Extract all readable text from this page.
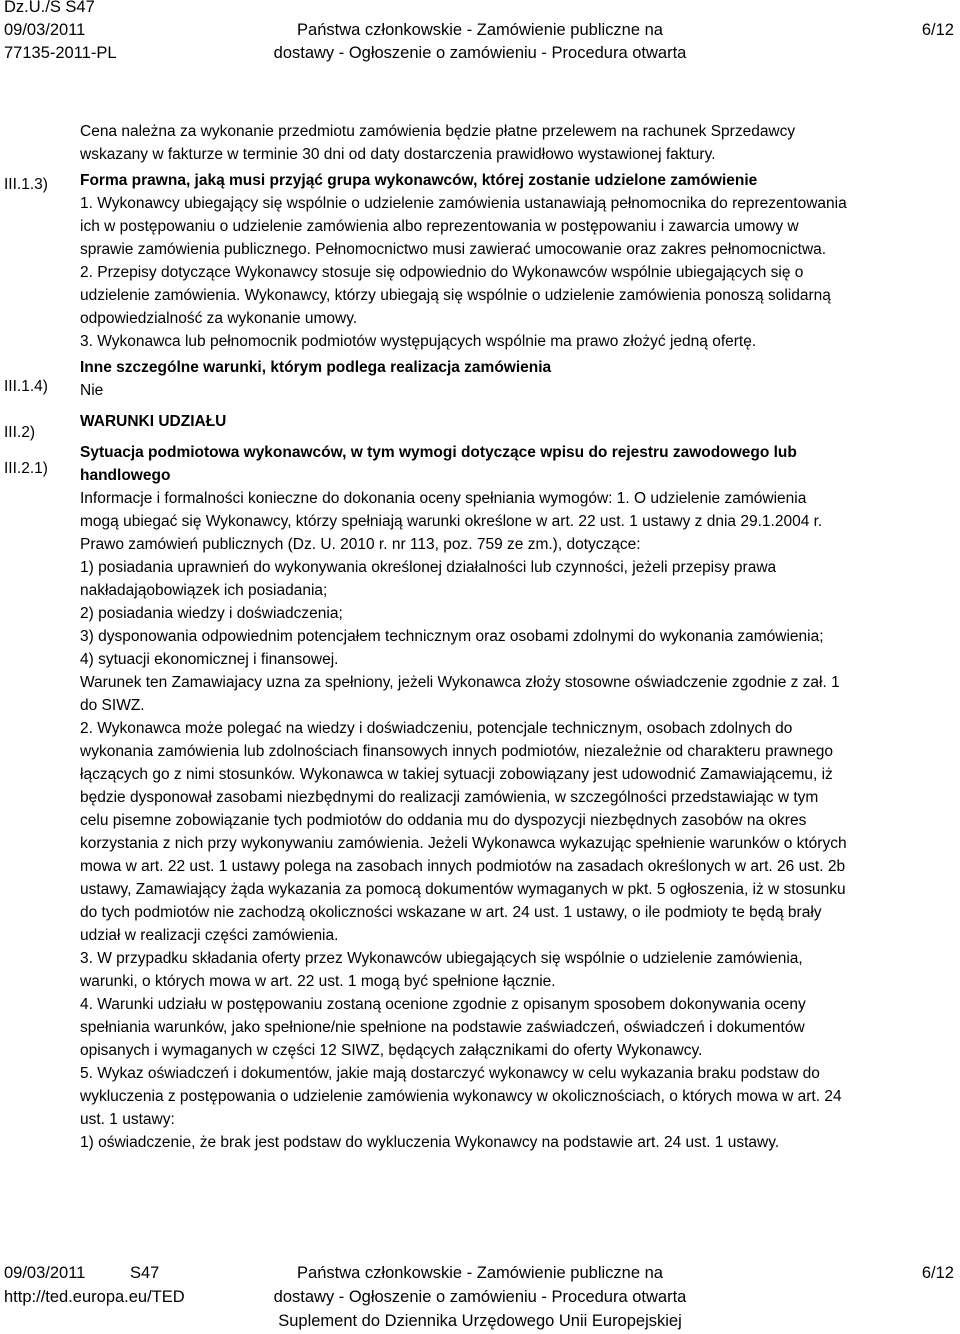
Dz.U./S S47
09/03/2011
77135-2011-PL
Państwa członkowskie - Zamówienie publiczne na
dostawy - Ogłoszenie o zamówieniu - Procedura otwarta
6/12
III.1.3)
III.1.4)
III.2)
III.2.1)

Cena należna za wykonanie przedmiotu zamówienia będzie płatne przelewem na rachunek Sprzedawcy

wskazany w fakturze w terminie 30 dni od daty dostarczenia prawidłowo wystawionej faktury.

Forma prawna, jaką musi przyjąć grupa wykonawców, której zostanie udzielone zamówienie

1. Wykonawcy ubiegający się wspólnie o udzielenie zamówienia ustanawiają pełnomocnika do reprezentowania

ich w postępowaniu o udzielenie zamówienia albo reprezentowania w postępowaniu i zawarcia umowy w

sprawie zamówienia publicznego. Pełnomocnictwo musi zawierać umocowanie oraz zakres pełnomocnictwa.

2. Przepisy dotyczące Wykonawcy stosuje się odpowiednio do Wykonawców wspólnie ubiegających się o

udzielenie zamówienia. Wykonawcy, którzy ubiegają się wspólnie o udzielenie zamówienia ponoszą solidarną

odpowiedzialność za wykonanie umowy.

3. Wykonawca lub pełnomocnik podmiotów występujących wspólnie ma prawo złożyć jedną ofertę.

Inne szczególne warunki, którym podlega realizacja zamówienia

Nie

WARUNKI UDZIAŁU

Sytuacja podmiotowa wykonawców, w tym wymogi dotyczące wpisu do rejestru zawodowego lub

handlowego

Informacje i formalności konieczne do dokonania oceny spełniania wymogów: 1. O udzielenie zamówienia

mogą ubiegać się Wykonawcy, którzy spełniają warunki określone w art. 22 ust. 1 ustawy z dnia 29.1.2004 r.

Prawo zamówień publicznych (Dz. U. 2010 r. nr 113, poz. 759 ze zm.), dotyczące:

1) posiadania uprawnień do wykonywania określonej działalności lub czynności, jeżeli przepisy prawa

nakładająobowiązek ich posiadania;

2) posiadania wiedzy i doświadczenia;

3) dysponowania odpowiednim potencjałem technicznym oraz osobami zdolnymi do wykonania zamówienia;

4) sytuacji ekonomicznej i finansowej.

Warunek ten Zamawiajacy uzna za spełniony, jeżeli Wykonawca złoży stosowne oświadczenie zgodnie z zał. 1

do SIWZ.

2. Wykonawca może polegać na wiedzy i doświadczeniu, potencjale technicznym, osobach zdolnych do

wykonania zamówienia lub zdolnościach finansowych innych podmiotów, niezależnie od charakteru prawnego

łączących go z nimi stosunków. Wykonawca w takiej sytuacji zobowiązany jest udowodnić Zamawiającemu, iż

będzie dysponował zasobami niezbędnymi do realizacji zamówienia, w szczególności przedstawiając w tym

celu pisemne zobowiązanie tych podmiotów do oddania mu do dyspozycji niezbędnych zasobów na okres

korzystania z nich przy wykonywaniu zamówienia. Jeżeli Wykonawca wykazując spełnienie warunków o których

mowa w art. 22 ust. 1 ustawy polega na zasobach innych podmiotów na zasadach określonych w art. 26 ust. 2b

ustawy, Zamawiający żąda wykazania za pomocą dokumentów wymaganych w pkt. 5 ogłoszenia, iż w stosunku

do tych podmiotów nie zachodzą okoliczności wskazane w art. 24 ust. 1 ustawy, o ile podmioty te będą brały

udział w realizacji części zamówienia.

3. W przypadku składania oferty przez Wykonawców ubiegających się wspólnie o udzielenie zamówienia,

warunki, o których mowa w art. 22 ust. 1 mogą być spełnione łącznie.

4. Warunki udziału w postępowaniu zostaną ocenione zgodnie z opisanym sposobem dokonywania oceny

spełniania warunków, jako spełnione/nie spełnione na podstawie zaświadczeń, oświadczeń i dokumentów

opisanych i wymaganych w części 12 SIWZ, będących załącznikami do oferty Wykonawcy.

5. Wykaz oświadczeń i dokumentów, jakie mają dostarczyć wykonawcy w celu wykazania braku podstaw do

wykluczenia z postępowania o udzielenie zamówienia wykonawcy w okolicznościach, o których mowa w art. 24

ust. 1 ustawy:

1) oświadczenie, że brak jest podstaw do wykluczenia Wykonawcy na podstawie art. 24 ust. 1 ustawy.

09/03/2011	S47
http://ted.europa.eu/TED
Państwa członkowskie - Zamówienie publiczne na
dostawy - Ogłoszenie o zamówieniu - Procedura otwarta
Suplement do Dziennika Urzędowego Unii Europejskiej
6/12
